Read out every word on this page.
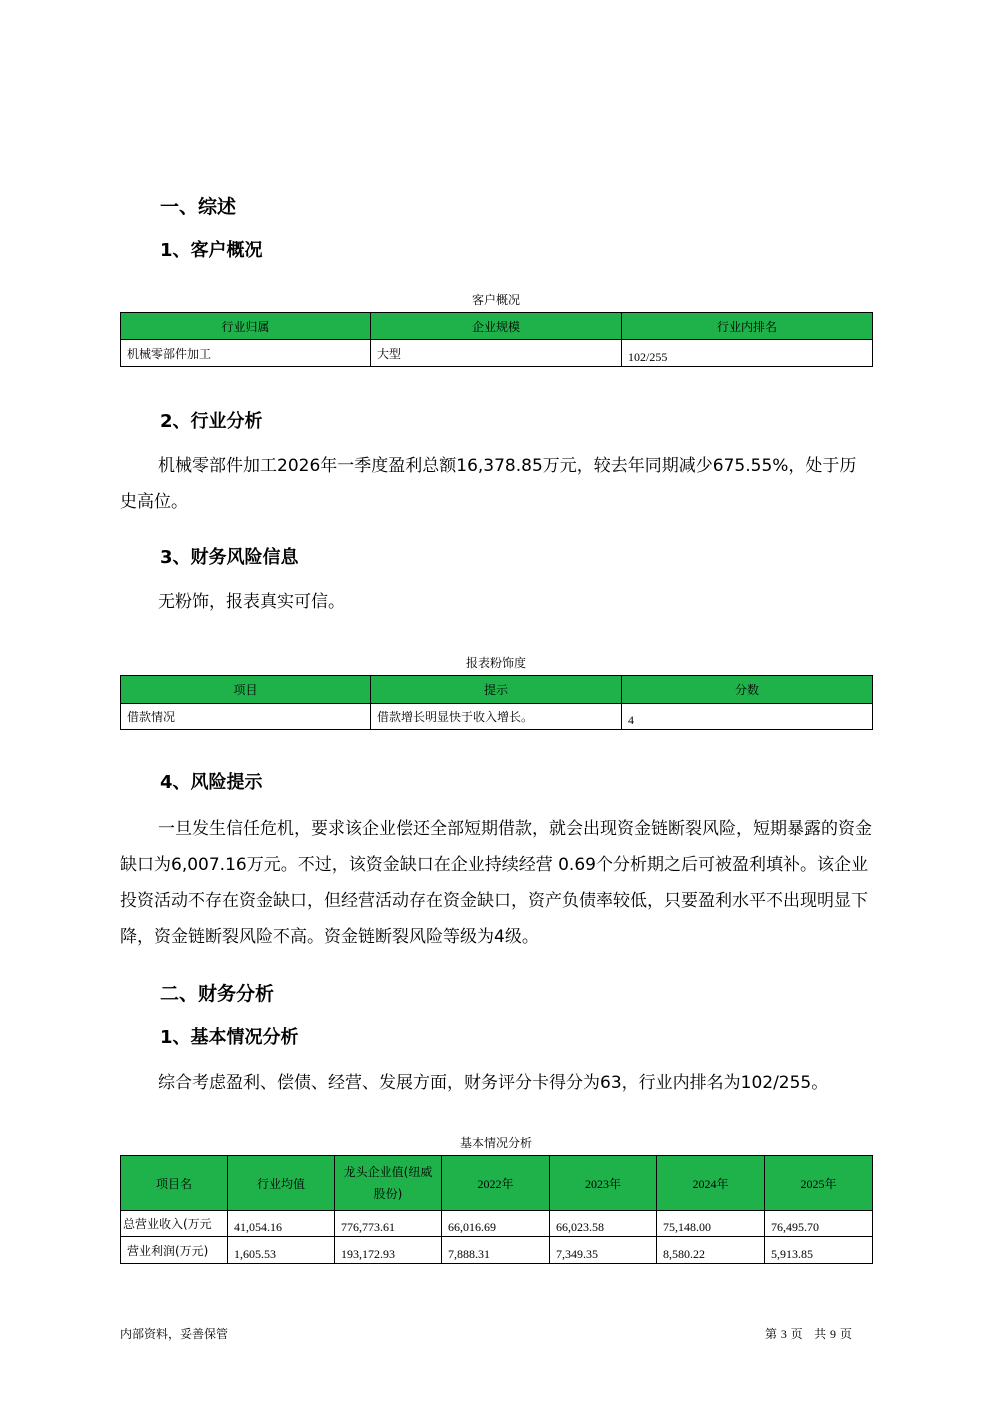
一、综述
1、客户概况
客户概况
行业归属	企业规模	行业内排名
机械零部件加工	大型	102/255
2、行业分析
机械零部件加工2026年一季度盈利总额16,378.85万元，较去年同期减少675.55%，处于历史高位。
3、财务风险信息
无粉饰，报表真实可信。
报表粉饰度
项目	提示	分数
借款情况	借款增长明显快于收入增长。	4
4、风险提示
一旦发生信任危机，要求该企业偿还全部短期借款，就会出现资金链断裂风险，短期暴露的资金缺口为6,007.16万元。不过，该资金缺口在企业持续经营 0.69个分析期之后可被盈利填补。该企业投资活动不存在资金缺口，但经营活动存在资金缺口，资产负债率较低，只要盈利水平不出现明显下降，资金链断裂风险不高。资金链断裂风险等级为4级。
二、财务分析
1、基本情况分析
综合考虑盈利、偿债、经营、发展方面，财务评分卡得分为63，行业内排名为102/255。
基本情况分析
项目名	行业均值	龙头企业值(纽威股份)	2022年	2023年	2024年	2025年
总营业收入(万元	41,054.16	776,773.61	66,016.69	66,023.58	75,148.00	76,495.70
营业利润(万元)	1,605.53	193,172.93	7,888.31	7,349.35	8,580.22	5,913.85
内部资料，妥善保管	第 3 页 共 9 页
